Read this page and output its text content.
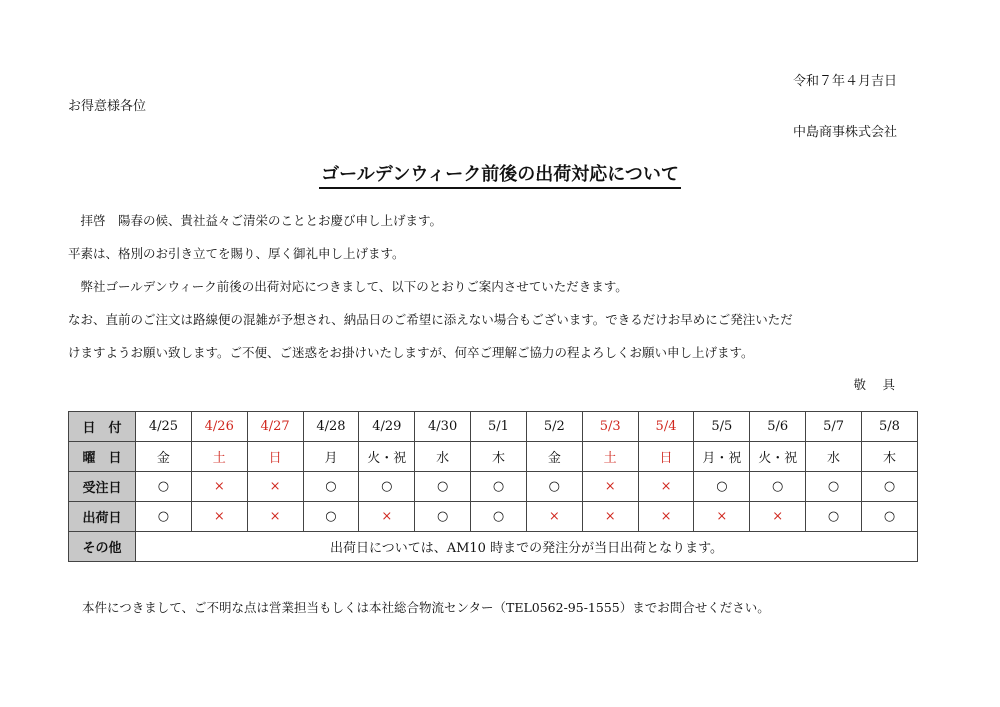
令和７年４月吉日
お得意様各位
中島商事株式会社
ゴールデンウィーク前後の出荷対応について
　拝啓　陽春の候、貴社益々ご清栄のこととお慶び申し上げます。
平素は、格別のお引き立てを賜り、厚く御礼申し上げます。
　弊社ゴールデンウィーク前後の出荷対応につきまして、以下のとおりご案内させていただきます。
なお、直前のご注文は路線便の混雑が予想され、納品日のご希望に添えない場合もございます。できるだけお早めにご発注いただ
けますようお願い致します。ご不便、ご迷惑をお掛けいたしますが、何卒ご理解ご協力の程よろしくお願い申し上げます。
敬　具
日　付	4/25	4/26	4/27	4/28	4/29	4/30	5/1	5/2	5/3	5/4	5/5	5/6	5/7	5/8
曜　日	金	土	日	月	火・祝	水	木	金	土	日	月・祝	火・祝	水	木
受注日	○	×	×	○	○	○	○	○	×	×	○	○	○	○
出荷日	○	×	×	○	×	○	○	×	×	×	×	×	○	○
その他	出荷日については、AM10 時までの発注分が当日出荷となります。													
本件につきまして、ご不明な点は営業担当もしくは本社総合物流センター（TEL0562-95-1555）までお問合せください。
